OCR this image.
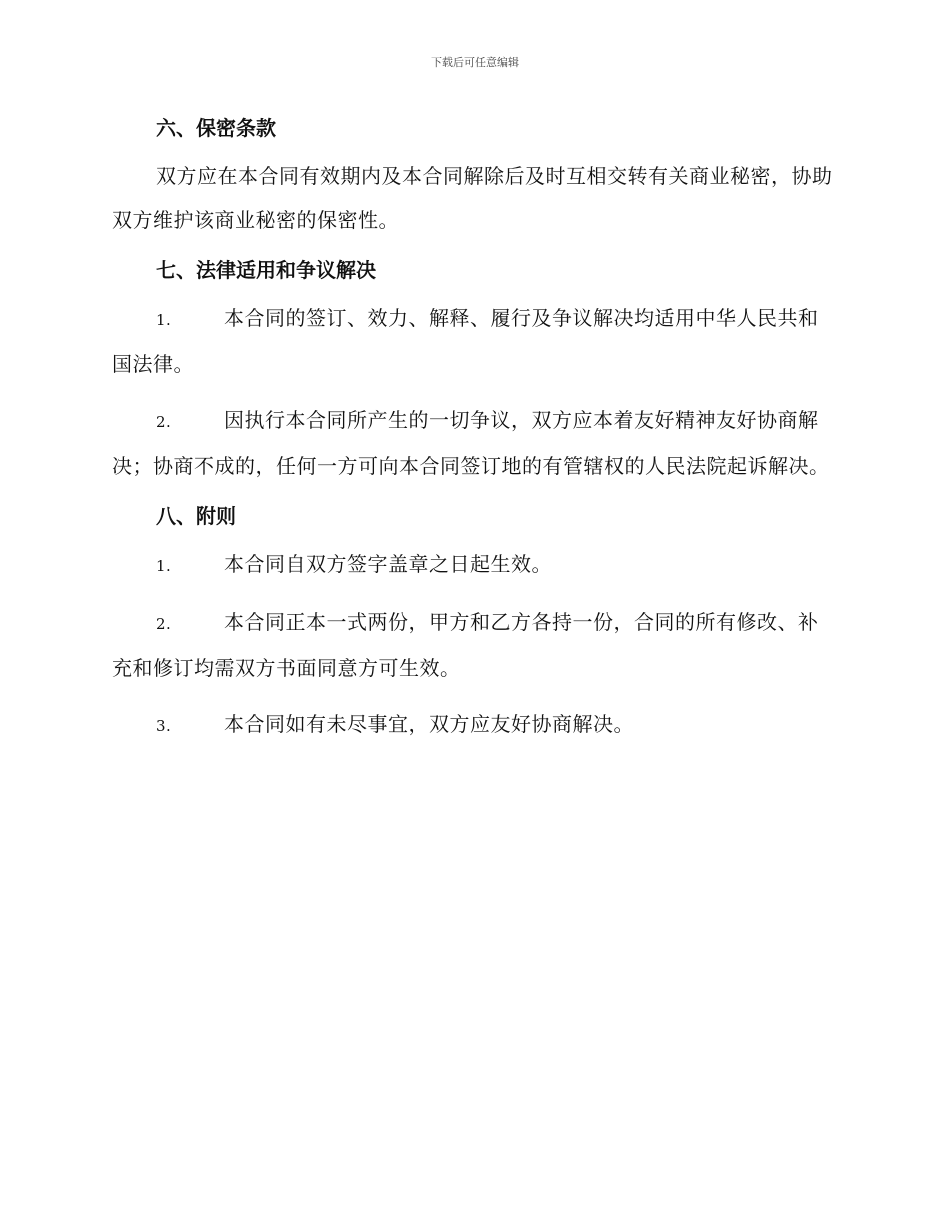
下载后可任意编辑
六、保密条款

双方应在本合同有效期内及本合同解除后及时互相交转有关商业秘密，协助双方维护该商业秘密的保密性。

七、法律适用和争议解决

1.	本合同的签订、效力、解释、履行及争议解决均适用中华人民共和国法律。

2.	因执行本合同所产生的一切争议，双方应本着友好精神友好协商解决；协商不成的，任何一方可向本合同签订地的有管辖权的人民法院起诉解决。

八、附则

1.	本合同自双方签字盖章之日起生效。

2.	本合同正本一式两份，甲方和乙方各持一份，合同的所有修改、补充和修订均需双方书面同意方可生效。

3.	本合同如有未尽事宜，双方应友好协商解决。
